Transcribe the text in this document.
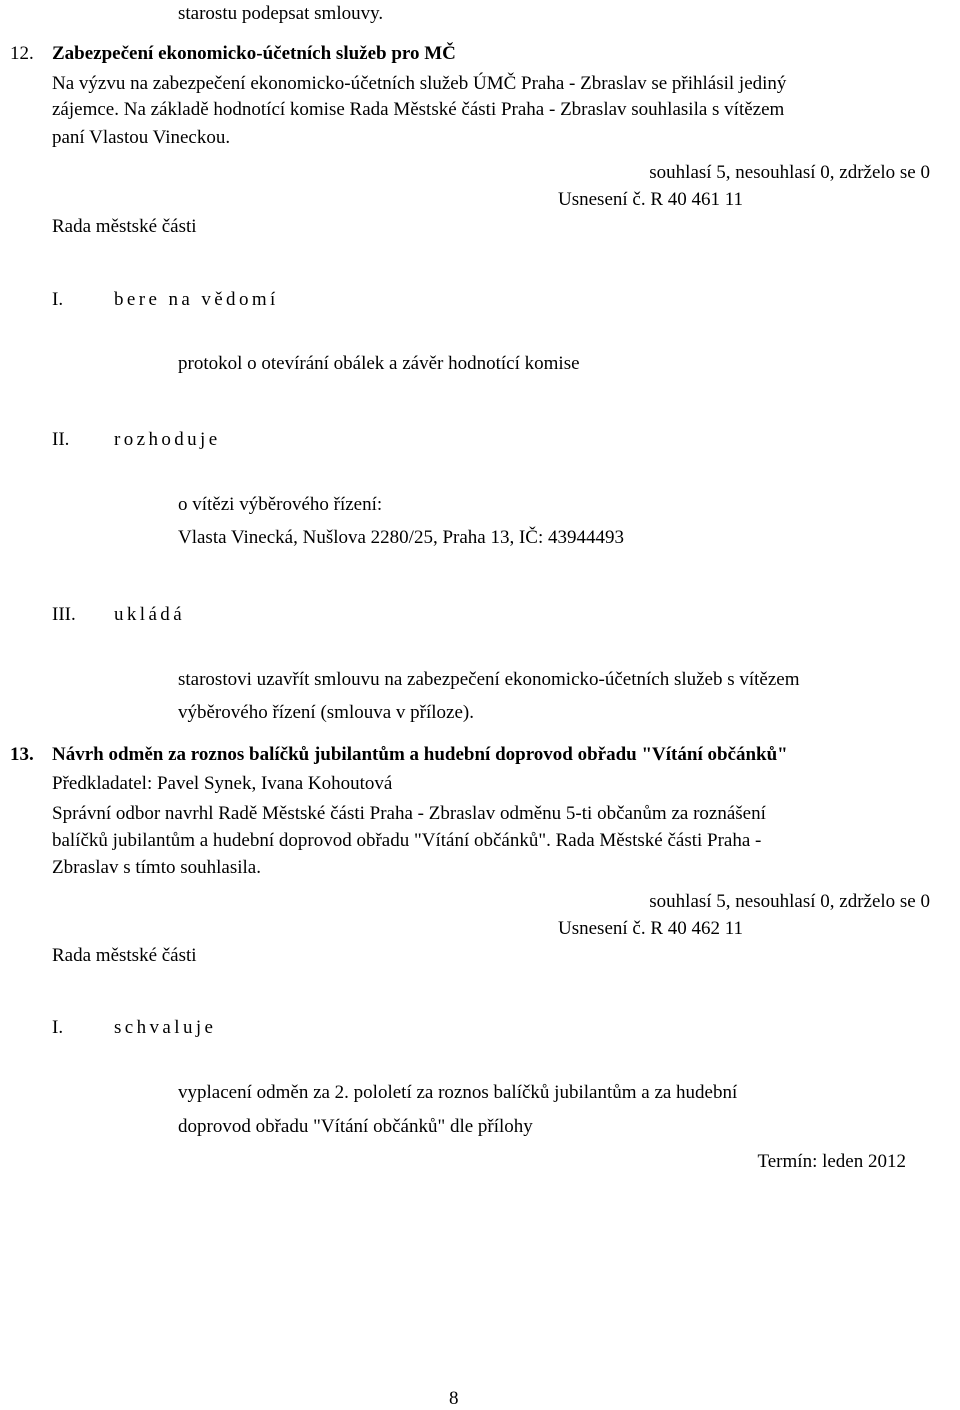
starostu podepsat smlouvy.
12. Zabezpečení ekonomicko-účetních služeb pro MČ
Na výzvu na zabezpečení ekonomicko-účetních služeb ÚMČ Praha - Zbraslav se přihlásil jediný
zájemce. Na základě hodnotící komise Rada Městské části Praha - Zbraslav souhlasila s vítězem
paní Vlastou Vineckou.
souhlasí 5, nesouhlasí 0, zdrželo se 0
Usnesení č. R 40 461 11
Rada městské části
I.	bere na vědomí
protokol o otevírání obálek a závěr hodnotící komise
II. rozhoduje
o vítězi výběrového řízení:
Vlasta Vinecká, Nušlova 2280/25, Praha 13, IČ: 43944493
III. ukládá
starostovi uzavřít smlouvu na zabezpečení ekonomicko-účetních služeb s vítězem
výběrového řízení (smlouva v příloze).
13. Návrh odměn za roznos balíčků jubilantům a hudební doprovod obřadu "Vítání občánků"
Předkladatel: Pavel Synek, Ivana Kohoutová
Správní odbor navrhl Radě Městské části Praha - Zbraslav odměnu 5-ti občanům za roznášení
balíčků jubilantům a hudební doprovod obřadu "Vítání občánků". Rada Městské části Praha -
Zbraslav s tímto souhlasila.
souhlasí 5, nesouhlasí 0, zdrželo se 0
Usnesení č. R 40 462 11
Rada městské části
I.	schvaluje
vyplacení odměn za 2. pololetí za roznos balíčků jubilantům a za hudební
doprovod obřadu "Vítání občánků" dle přílohy
Termín: leden 2012
8
